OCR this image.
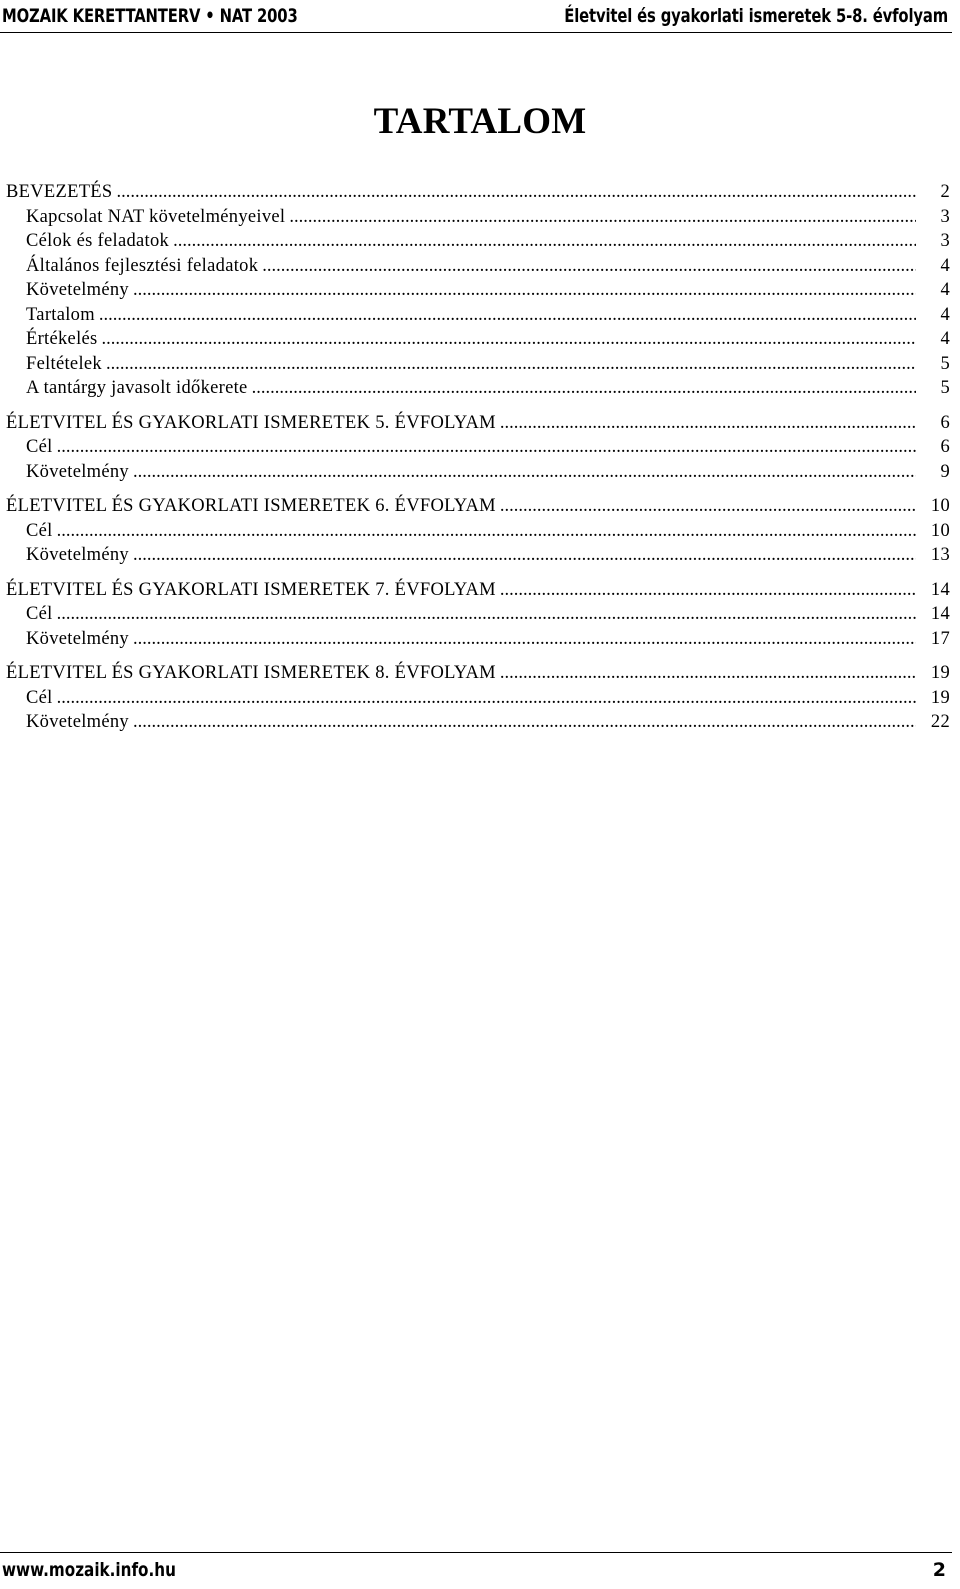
MOZAIK KERETTANTERV • NAT 2003	Életvitel és gyakorlati ismeretek 5-8. évfolyam
TARTALOM
BEVEZETÉS .....	2
Kapcsolat NAT követelményeivel .....	3
Célok és feladatok .....	3
Általános fejlesztési feladatok .....	4
Követelmény .....	4
Tartalom .....	4
Értékelés .....	4
Feltételek .....	5
A tantárgy javasolt időkerete .....	5
ÉLETVITEL ÉS GYAKORLATI ISMERETEK 5. ÉVFOLYAM .....	6
Cél .....	6
Követelmény .....	9
ÉLETVITEL ÉS GYAKORLATI ISMERETEK 6. ÉVFOLYAM .....	10
Cél .....	10
Követelmény .....	13
ÉLETVITEL ÉS GYAKORLATI ISMERETEK 7. ÉVFOLYAM .....	14
Cél .....	14
Követelmény .....	17
ÉLETVITEL ÉS GYAKORLATI ISMERETEK 8. ÉVFOLYAM .....	19
Cél .....	19
Követelmény .....	22
www.mozaik.info.hu	2
